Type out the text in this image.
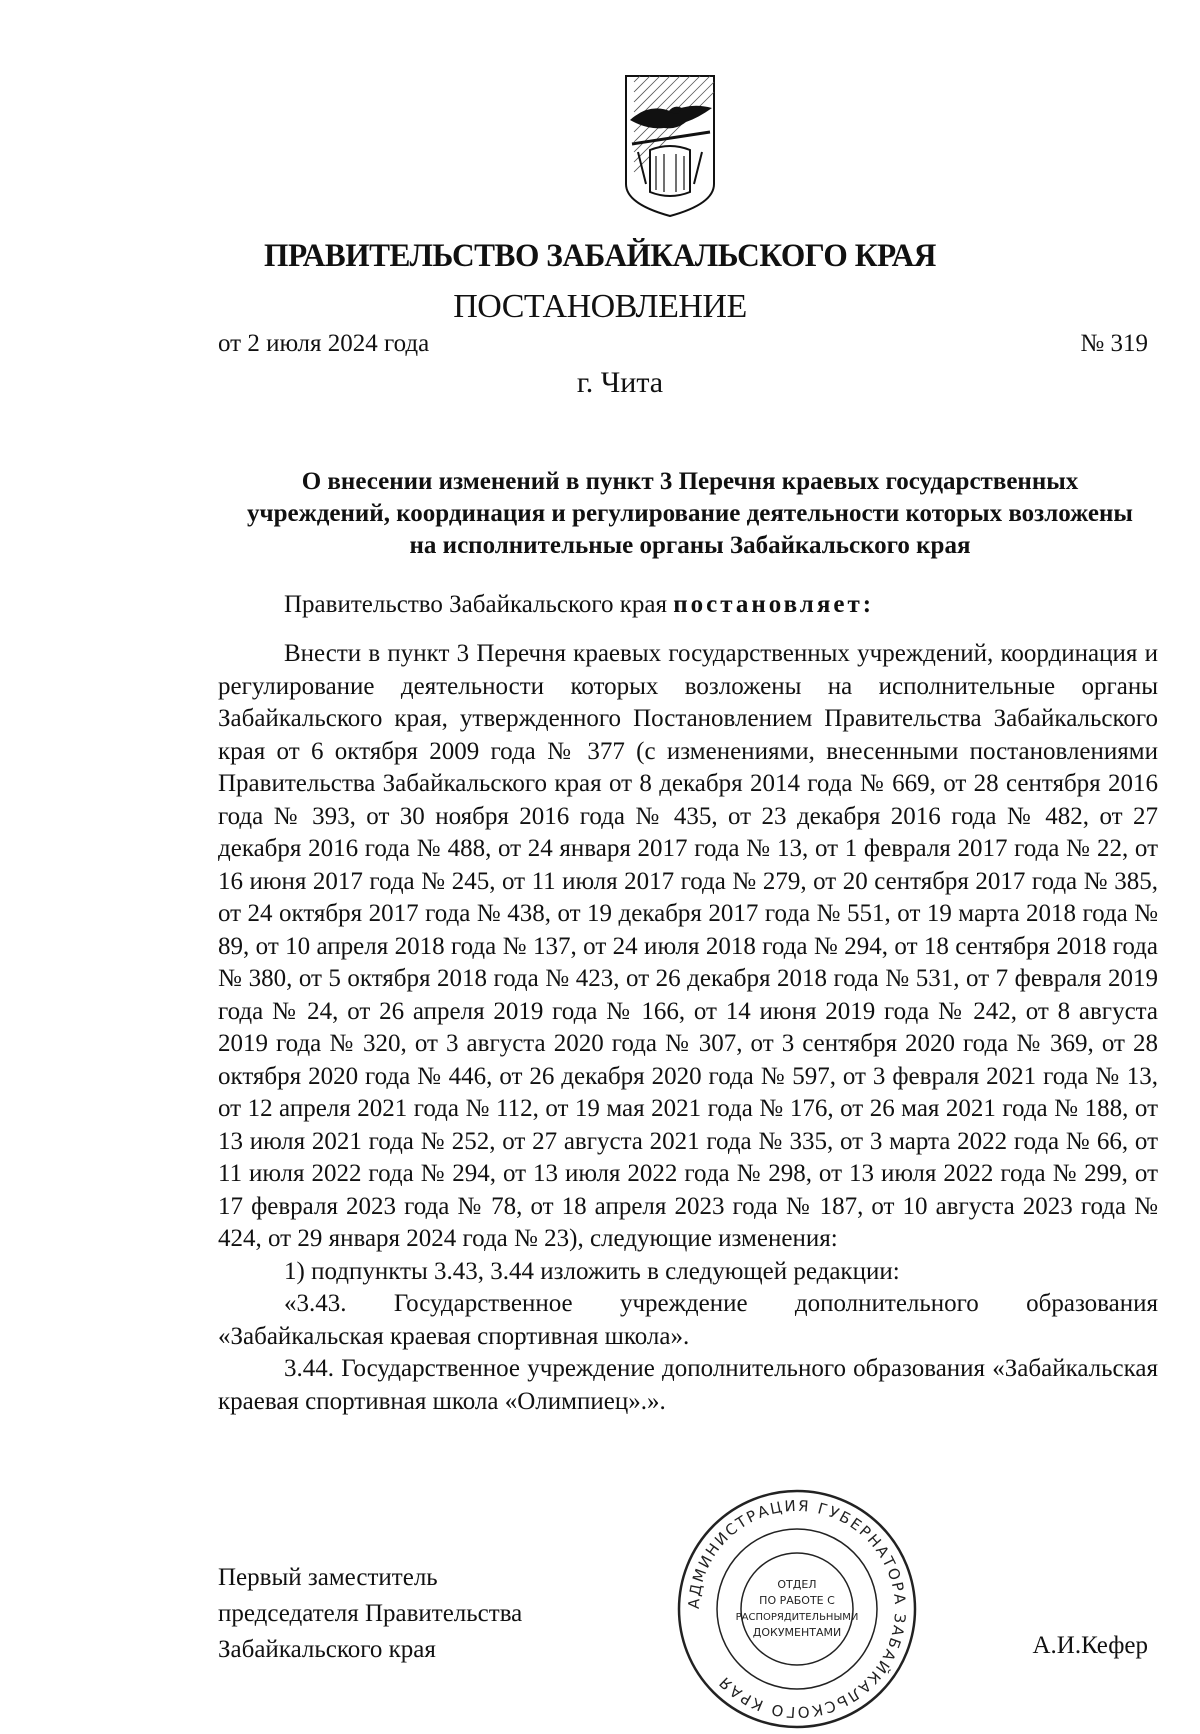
ПРАВИТЕЛЬСТВО ЗАБАЙКАЛЬСКОГО КРАЯ
ПОСТАНОВЛЕНИЕ
от 2 июля 2024 года	№ 319
г. Чита
О внесении изменений в пункт 3 Перечня краевых государственных учреждений, координация и регулирование деятельности которых возложены на исполнительные органы Забайкальского края
Правительство Забайкальского края постановляет:

Внести в пункт 3 Перечня краевых государственных учреждений, координация и регулирование деятельности которых возложены на исполнительные органы Забайкальского края, утвержденного Постановлением Правительства Забайкальского края от 6 октября 2009 года № 377 (с изменениями, внесенными постановлениями Правительства Забайкальского края от 8 декабря 2014 года № 669, от 28 сентября 2016 года № 393, от 30 ноября 2016 года № 435, от 23 декабря 2016 года № 482, от 27 декабря 2016 года № 488, от 24 января 2017 года № 13, от 1 февраля 2017 года № 22, от 16 июня 2017 года № 245, от 11 июля 2017 года № 279, от 20 сентября 2017 года № 385, от 24 октября 2017 года № 438, от 19 декабря 2017 года № 551, от 19 марта 2018 года № 89, от 10 апреля 2018 года № 137, от 24 июля 2018 года № 294, от 18 сентября 2018 года № 380, от 5 октября 2018 года № 423, от 26 декабря 2018 года № 531, от 7 февраля 2019 года № 24, от 26 апреля 2019 года № 166, от 14 июня 2019 года № 242, от 8 августа 2019 года № 320, от 3 августа 2020 года № 307, от 3 сентября 2020 года № 369, от 28 октября 2020 года № 446, от 26 декабря 2020 года № 597, от 3 февраля 2021 года № 13, от 12 апреля 2021 года № 112, от 19 мая 2021 года № 176, от 26 мая 2021 года № 188, от 13 июля 2021 года № 252, от 27 августа 2021 года № 335, от 3 марта 2022 года № 66, от 11 июля 2022 года № 294, от 13 июля 2022 года № 298, от 13 июля 2022 года № 299, от 17 февраля 2023 года № 78, от 18 апреля 2023 года № 187, от 10 августа 2023 года № 424, от 29 января 2024 года № 23), следующие изменения:

1) подпункты 3.43, 3.44 изложить в следующей редакции:

«3.43. Государственное учреждение дополнительного образования «Забайкальская краевая спортивная школа».

3.44. Государственное учреждение дополнительного образования «Забайкальская краевая спортивная школа «Олимпиец».».

Первый заместитель
председателя Правительства
Забайкальского края	А.И.Кефер
АДМИНИСТРАЦИЯ ГУБЕРНАТОРА ЗАБАЙКАЛЬСКОГО КРАЯ
ОТДЕЛ
ПО РАБОТЕ С
РАСПОРЯДИТЕЛЬНЫМИ
ДОКУМЕНТАМИ
